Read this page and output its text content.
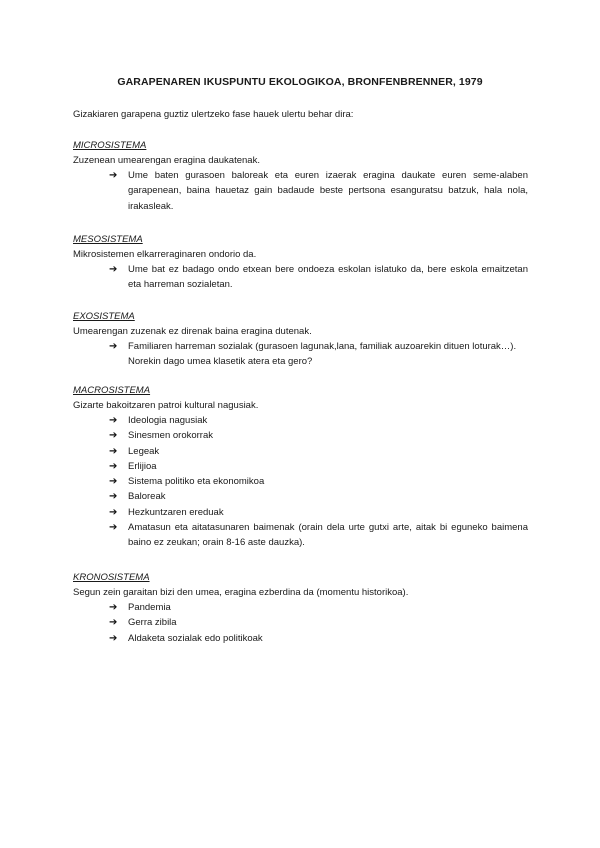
GARAPENAREN IKUSPUNTU EKOLOGIKOA, BRONFENBRENNER, 1979

Gizakiaren garapena guztiz ulertzeko fase hauek ulertu behar dira:

MICROSISTEMA

Zuzenean umearengan eragina daukatenak.

➔ Ume baten gurasoen baloreak eta euren izaerak eragina daukate euren seme-alaben garapenean, baina hauetaz gain badaude beste pertsona esanguratsu batzuk, hala nola, irakasleak.

MESOSISTEMA

Mikrosistemen elkarreraginaren ondorio da.

➔ Ume bat ez badago ondo etxean bere ondoeza eskolan islatuko da, bere eskola emaitzetan eta harreman sozialetan.

EXOSISTEMA

Umearengan zuzenak ez direnak baina eragina dutenak.

➔ Familiaren harreman sozialak (gurasoen lagunak,lana, familiak auzoarekin dituen loturak…). Norekin dago umea klasetik atera eta gero?

MACROSISTEMA

Gizarte bakoitzaren patroi kultural nagusiak.

➔ Ideologia nagusiak
➔ Sinesmen orokorrak
➔ Legeak
➔ Erlijioa
➔ Sistema politiko eta ekonomikoa
➔ Baloreak
➔ Hezkuntzaren ereduak
➔ Amatasun eta aitatasunaren baimenak (orain dela urte gutxi arte, aitak bi eguneko baimena baino ez zeukan; orain 8-16 aste dauzka).

KRONOSISTEMA

Segun zein garaitan bizi den umea, eragina ezberdina da (momentu historikoa).

➔ Pandemia
➔ Gerra zibila
➔ Aldaketa sozialak edo politikoak
